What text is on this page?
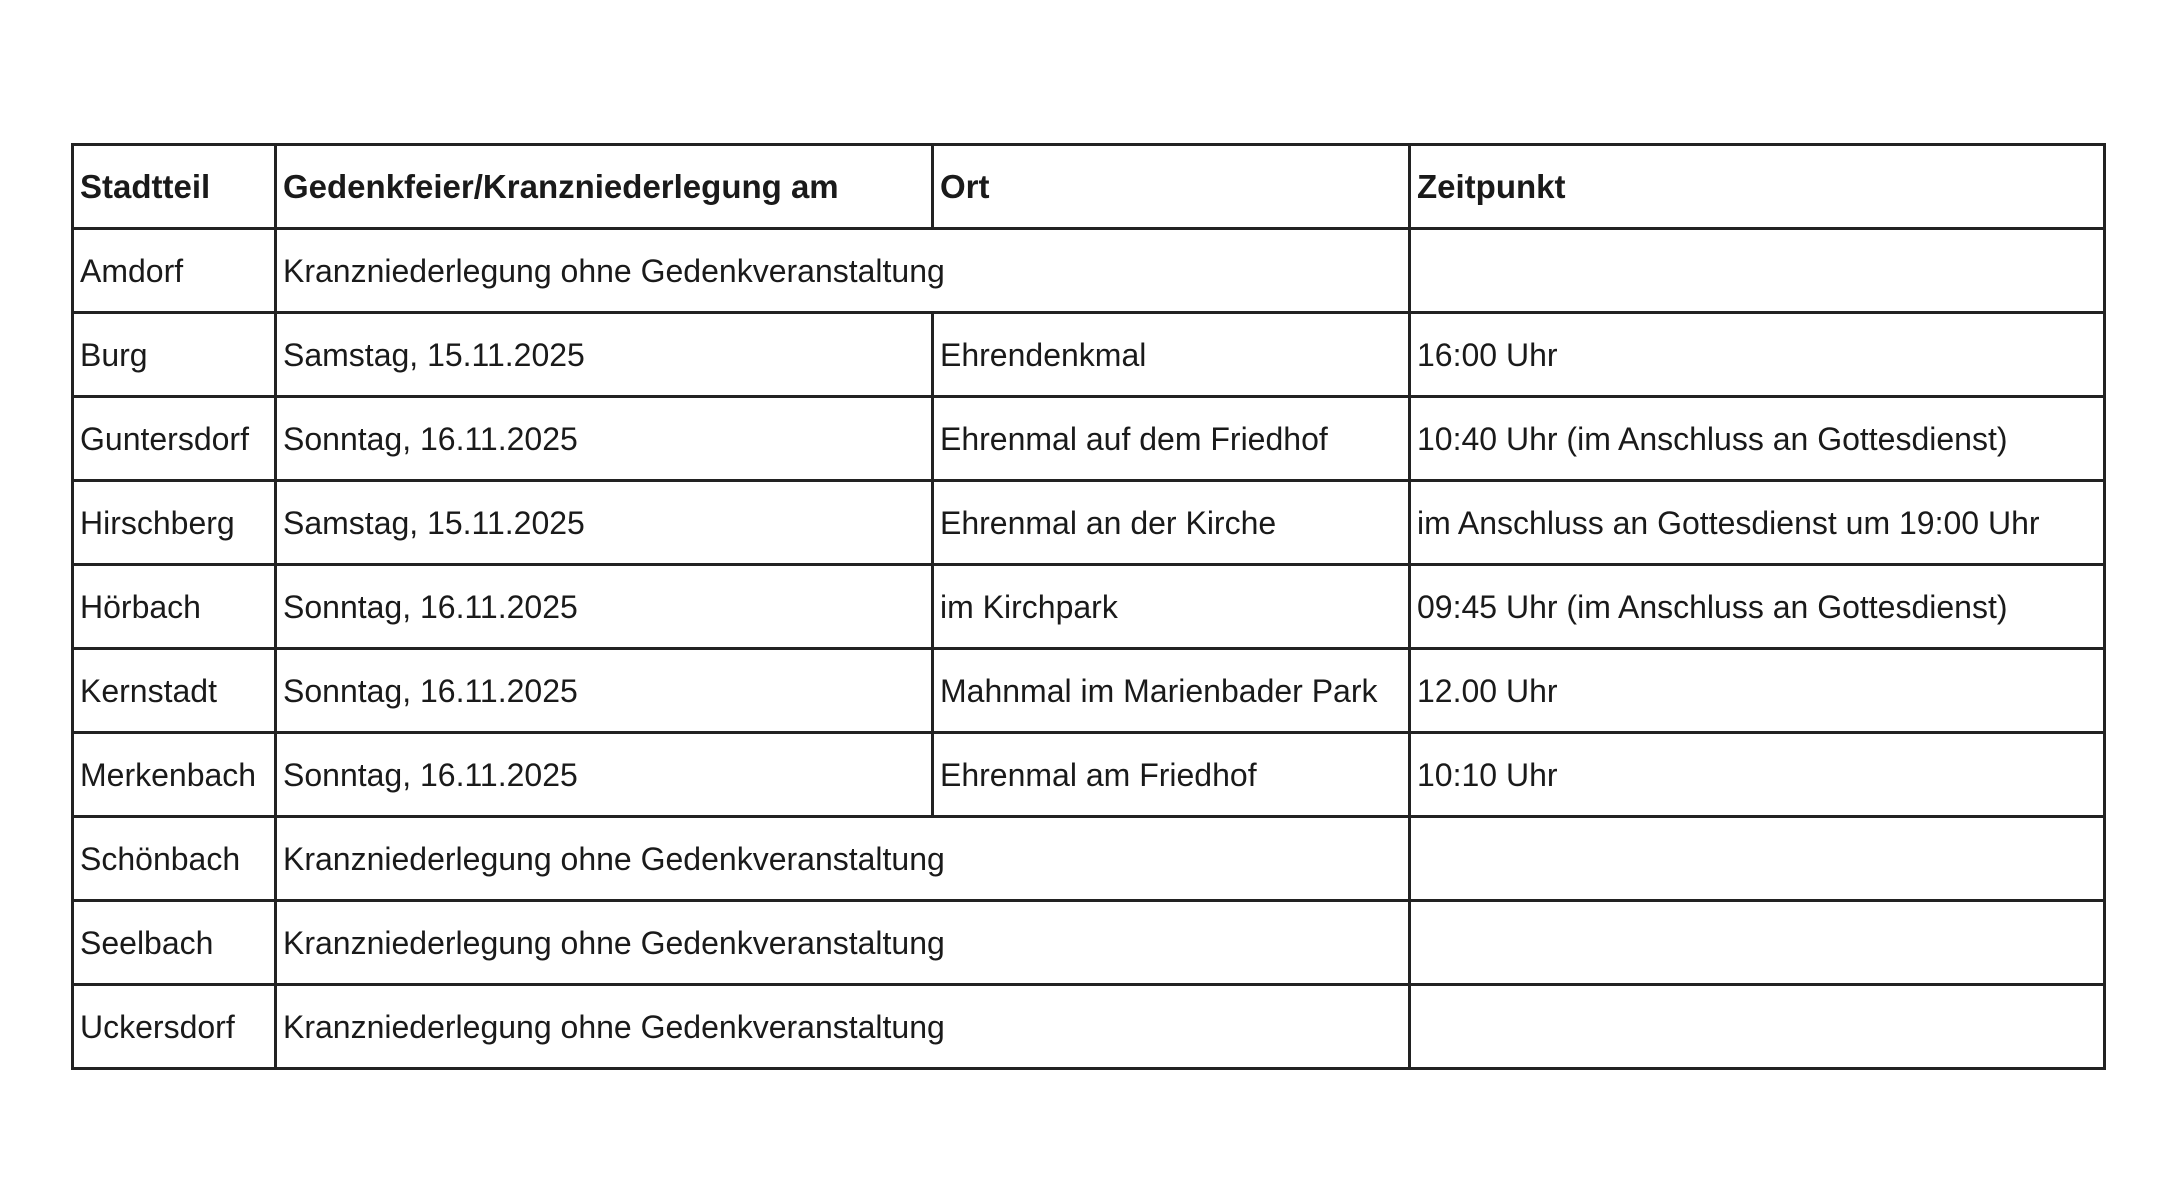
Stadtteil	Gedenkfeier/Kranzniederlegung am	Ort	Zeitpunkt
Amdorf	Kranzniederlegung ohne Gedenkveranstaltung		
Burg	Samstag, 15.11.2025	Ehrendenkmal	16:00 Uhr
Guntersdorf	Sonntag, 16.11.2025	Ehrenmal auf dem Friedhof	10:40 Uhr (im Anschluss an Gottesdienst)
Hirschberg	Samstag, 15.11.2025	Ehrenmal an der Kirche	im Anschluss an Gottesdienst um 19:00 Uhr
Hörbach	Sonntag, 16.11.2025	im Kirchpark	09:45 Uhr (im Anschluss an Gottesdienst)
Kernstadt	Sonntag, 16.11.2025	Mahnmal im Marienbader Park	12.00 Uhr
Merkenbach	Sonntag, 16.11.2025	Ehrenmal am Friedhof	10:10 Uhr
Schönbach	Kranzniederlegung ohne Gedenkveranstaltung		
Seelbach	Kranzniederlegung ohne Gedenkveranstaltung		
Uckersdorf	Kranzniederlegung ohne Gedenkveranstaltung		
